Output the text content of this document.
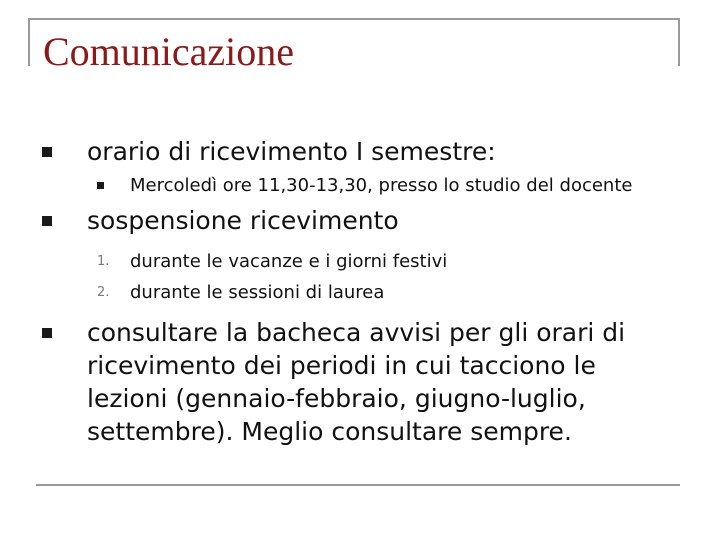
Comunicazione
orario di ricevimento I semestre:
Mercoledì ore 11,30-13,30, presso lo studio del docente
sospensione ricevimento
1. durante le vacanze e i giorni festivi
2. durante le sessioni di laurea
consultare la bacheca avvisi per gli orari di ricevimento dei periodi in cui tacciono le lezioni (gennaio-febbraio, giugno-luglio, settembre). Meglio consultare sempre.
